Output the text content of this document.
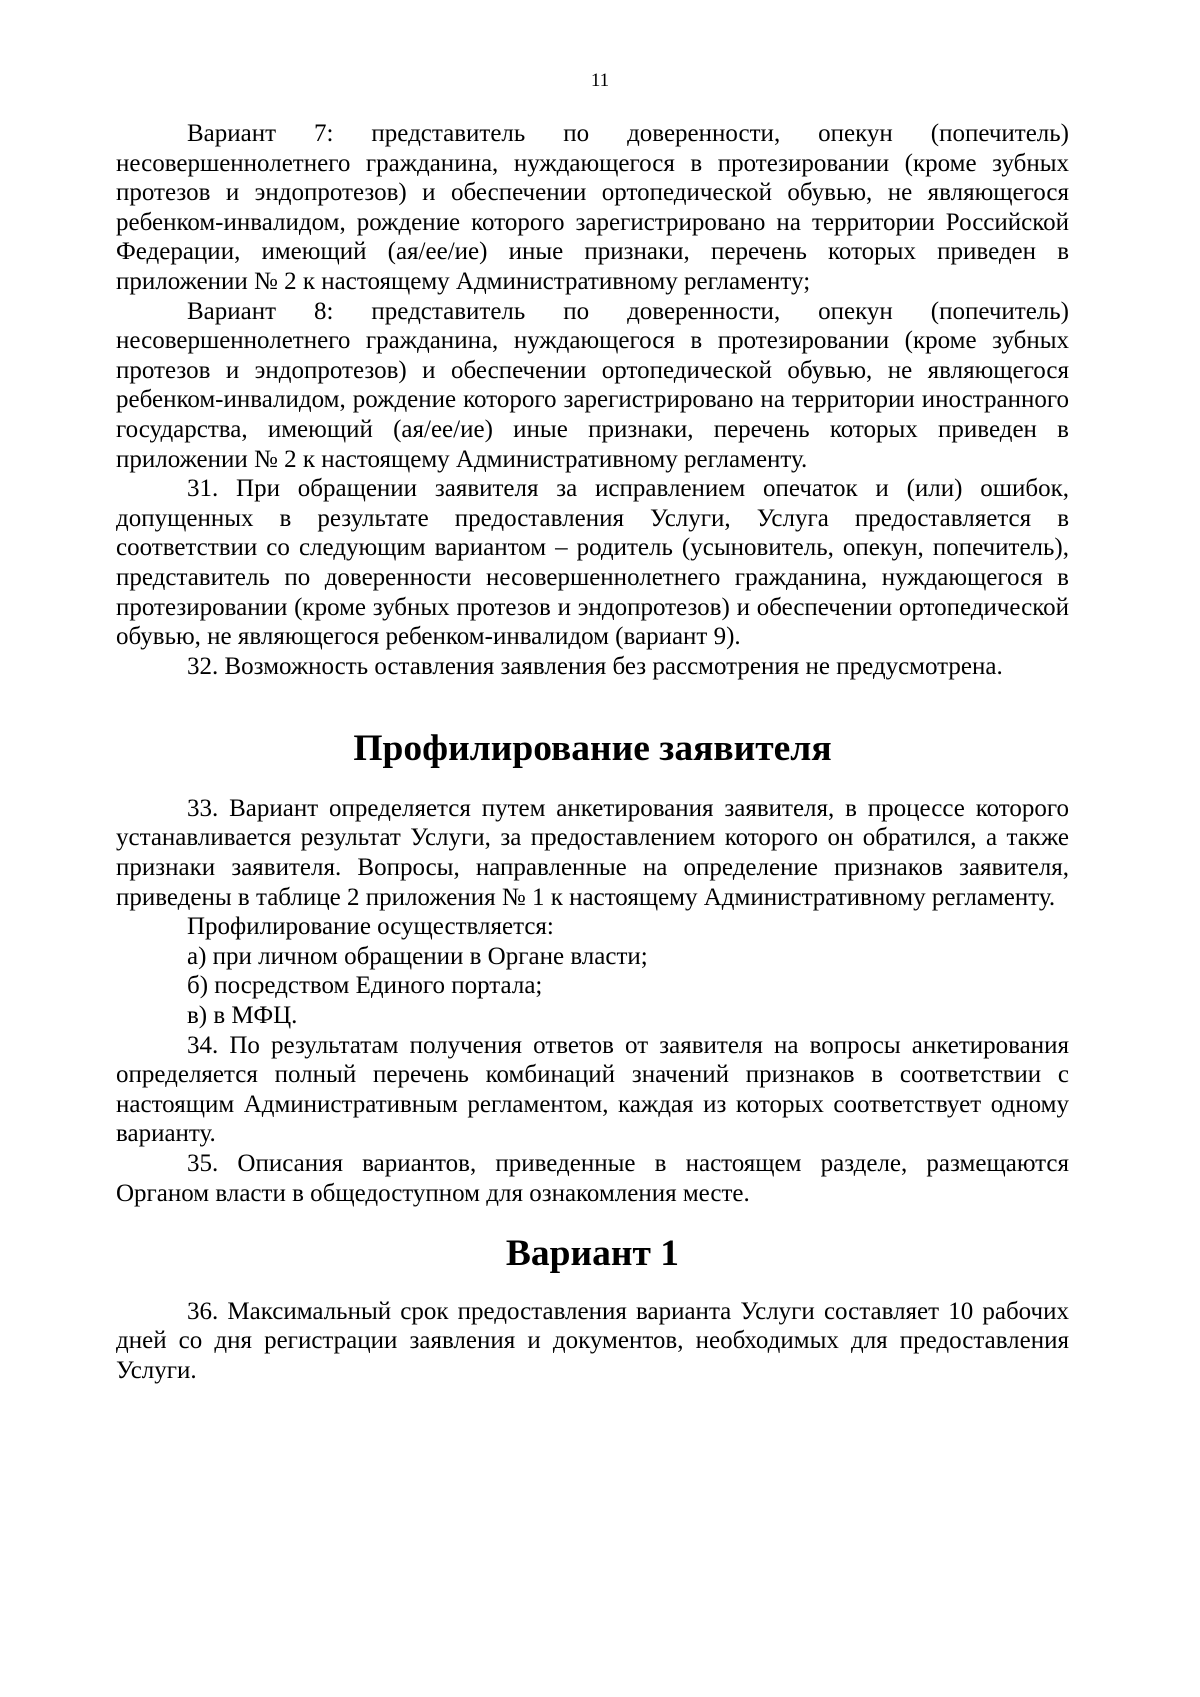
11

Вариант 7: представитель по доверенности, опекун (попечитель) несовершеннолетнего гражданина, нуждающегося в протезировании (кроме зубных протезов и эндопротезов) и обеспечении ортопедической обувью, не являющегося ребенком-инвалидом, рождение которого зарегистрировано на территории Российской Федерации, имеющий (ая/ее/ие) иные признаки, перечень которых приведен в приложении № 2 к настоящему Административному регламенту;

Вариант 8: представитель по доверенности, опекун (попечитель) несовершеннолетнего гражданина, нуждающегося в протезировании (кроме зубных протезов и эндопротезов) и обеспечении ортопедической обувью, не являющегося ребенком-инвалидом, рождение которого зарегистрировано на территории иностранного государства, имеющий (ая/ее/ие) иные признаки, перечень которых приведен в приложении № 2 к настоящему Административному регламенту.

31. При обращении заявителя за исправлением опечаток и (или) ошибок, допущенных в результате предоставления Услуги, Услуга предоставляется в соответствии со следующим вариантом – родитель (усыновитель, опекун, попечитель), представитель по доверенности несовершеннолетнего гражданина, нуждающегося в протезировании (кроме зубных протезов и эндопротезов) и обеспечении ортопедической обувью, не являющегося ребенком-инвалидом (вариант 9).

32. Возможность оставления заявления без рассмотрения не предусмотрена.

Профилирование заявителя

33. Вариант определяется путем анкетирования заявителя, в процессе которого устанавливается результат Услуги, за предоставлением которого он обратился, а также признаки заявителя. Вопросы, направленные на определение признаков заявителя, приведены в таблице 2 приложения № 1 к настоящему Административному регламенту.

Профилирование осуществляется:

а) при личном обращении в Органе власти;

б) посредством Единого портала;

в) в МФЦ.

34. По результатам получения ответов от заявителя на вопросы анкетирования определяется полный перечень комбинаций значений признаков в соответствии с настоящим Административным регламентом, каждая из которых соответствует одному варианту.

35. Описания вариантов, приведенные в настоящем разделе, размещаются Органом власти в общедоступном для ознакомления месте.

Вариант 1

36. Максимальный срок предоставления варианта Услуги составляет 10 рабочих дней со дня регистрации заявления и документов, необходимых для предоставления Услуги.
